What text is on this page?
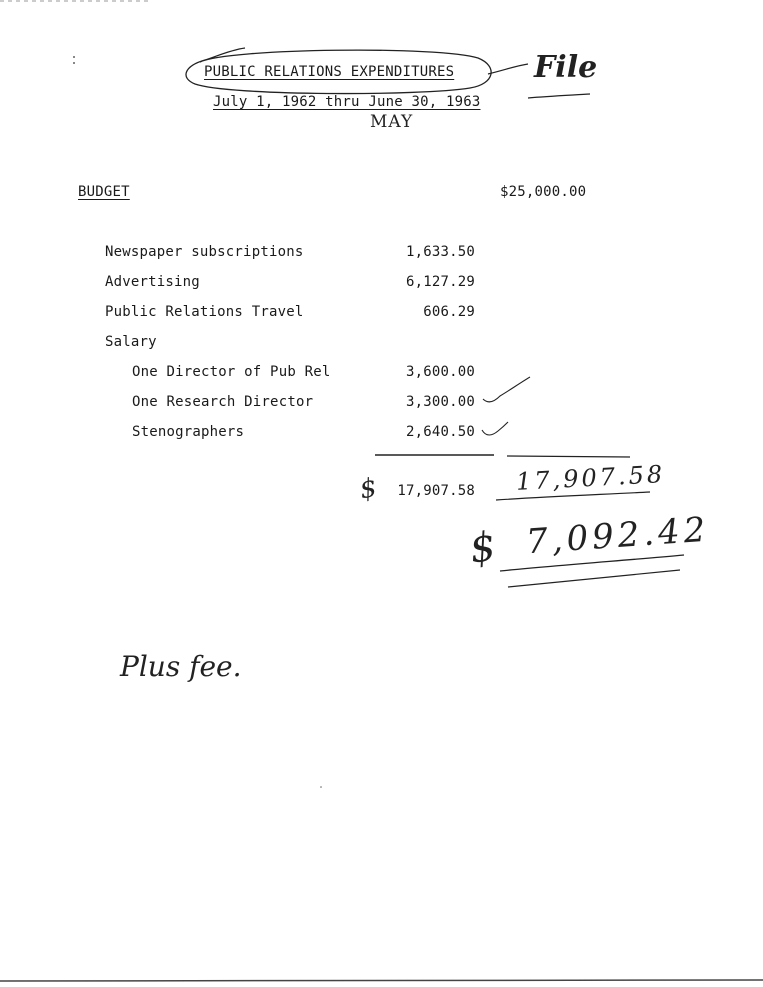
PUBLIC RELATIONS EXPENDITURES
July 1, 1962 thru June 30, 1963
MAY
File
BUDGET	$25,000.00
Newspaper subscriptions	1,633.50
Advertising	6,127.29
Public Relations Travel	606.29
Salary
One Director of Pub Rel	3,600.00
One Research Director	3,300.00
Stenographers	2,640.50
$	17,907.58 17,907.58
$ 7,092.42
Plus fee.
